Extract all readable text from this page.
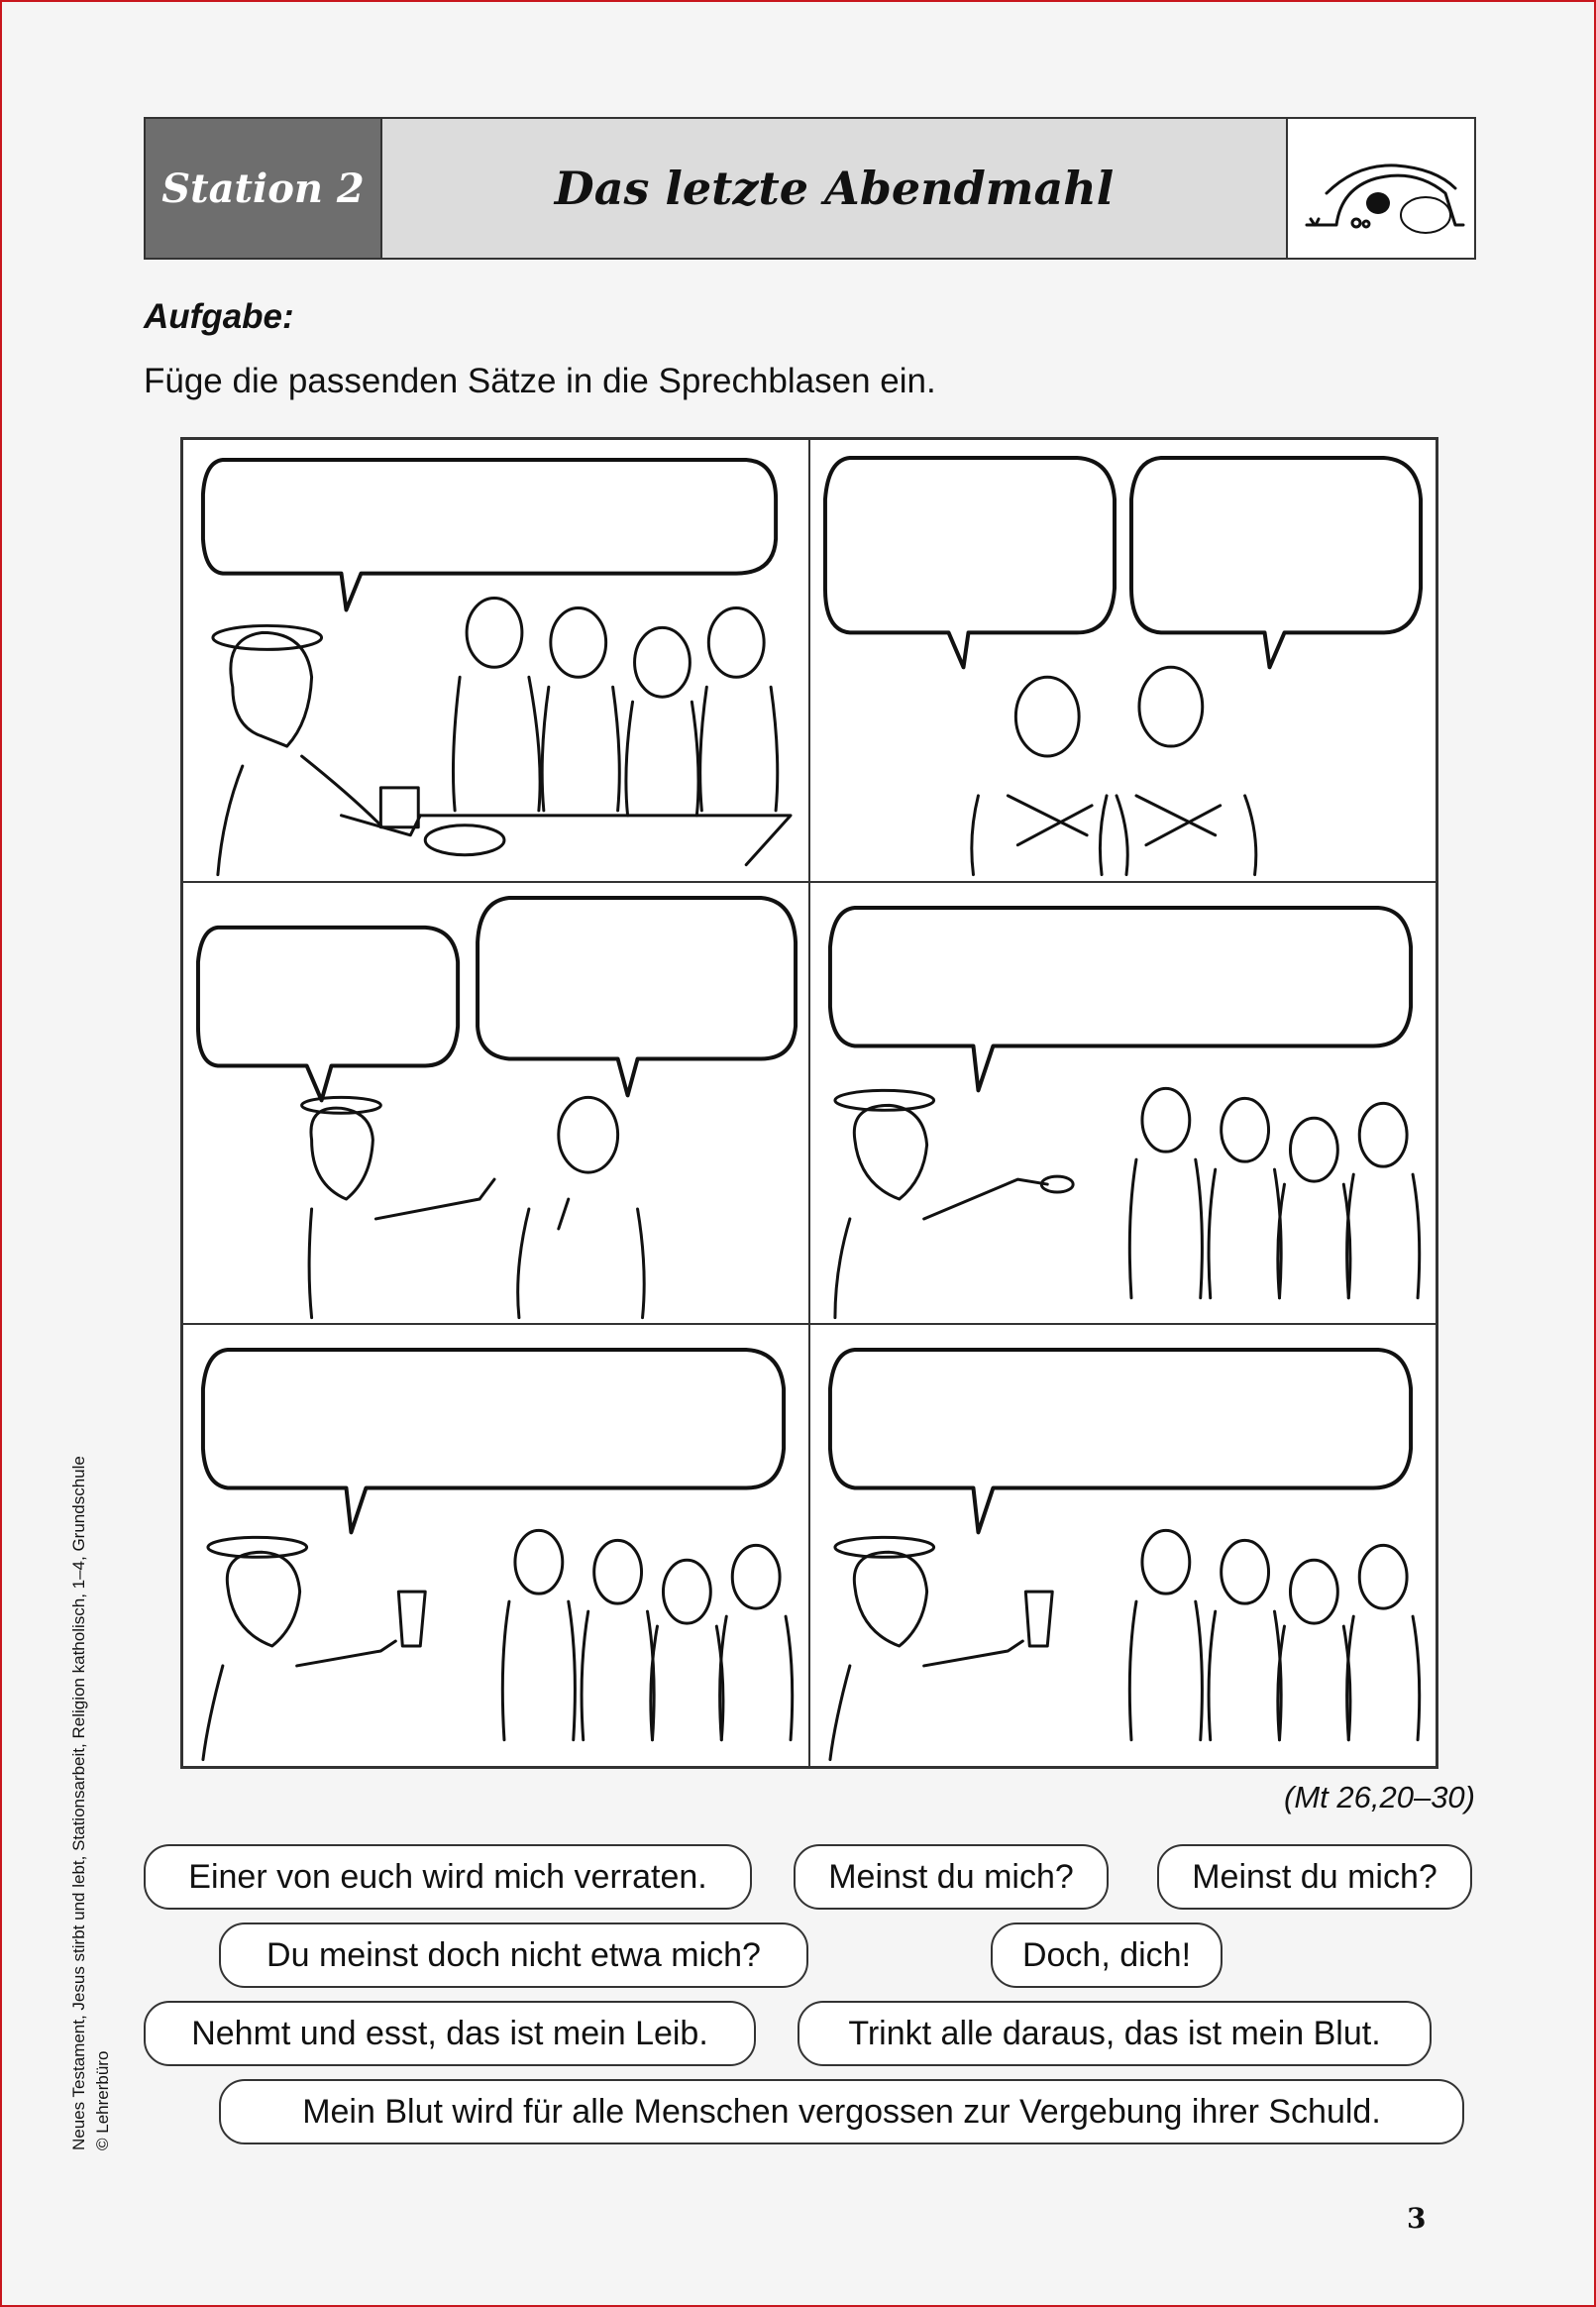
Station 2	Das letzte Abendmahl
Aufgabe:
Füge die passenden Sätze in die Sprechblasen ein.
(Mt 26,20–30)
Einer von euch wird mich verraten.	Meinst du mich?	Meinst du mich?
Du meinst doch nicht etwa mich?	Doch, dich!
Nehmt und esst, das ist mein Leib.	Trinkt alle daraus, das ist mein Blut.
Mein Blut wird für alle Menschen vergossen zur Vergebung ihrer Schuld.
Neues Testament, Jesus stirbt und lebt, Stationsarbeit, Religion katholisch, 1–4, Grundschule © Lehrerbüro
3
